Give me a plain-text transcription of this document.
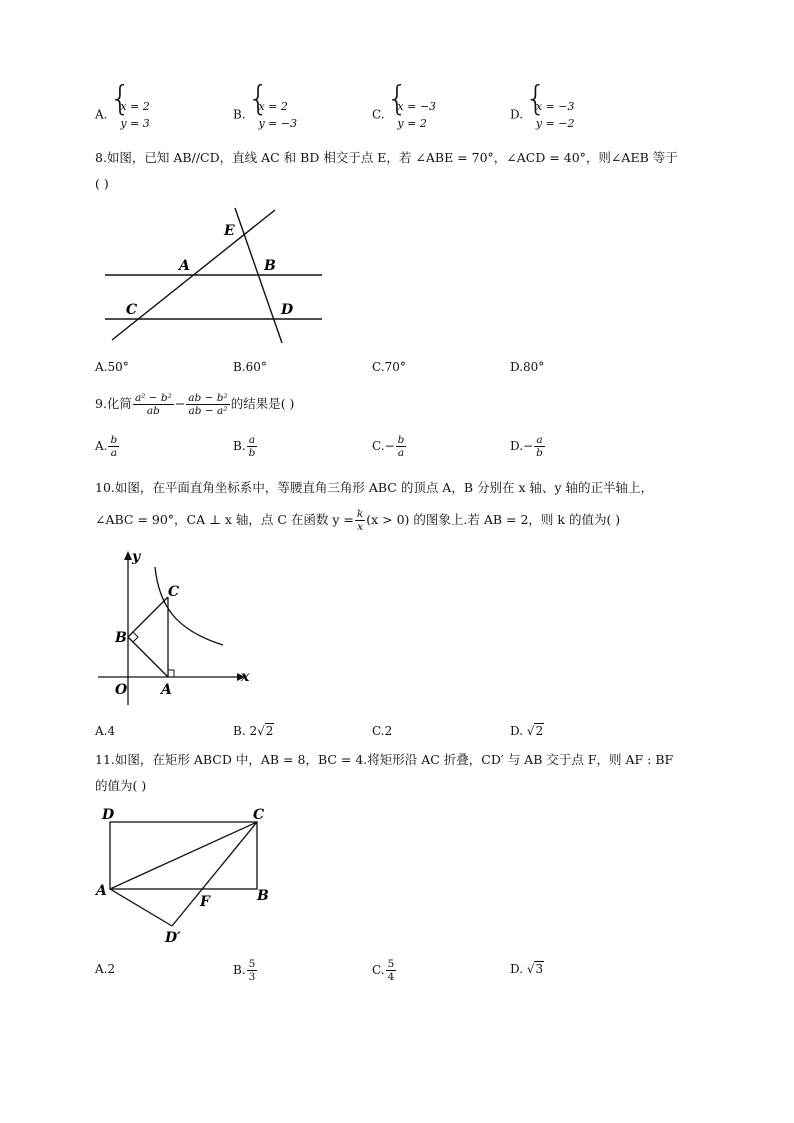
A.
{ x = 2
y = 3
B.
{ x = 2
y = −3
C.
{ x = −3
y = 2
D.
{ x = −3
y = −2
8.如图，已知 AB//CD，直线 AC 和 BD 相交于点 E，若 ∠ABE = 70°，∠ACD = 40°，则∠AEB 等于
( )
E
A	B
C	D
A.50°	B.60°	C.70°	D.80°
9.化简 $\frac{\text{a² − b²}}{ab} - \frac{\text{ab − b²}}{\text{ab − a²}}$ 的结果是( )
A. $\frac{b}{a}$	B. $\frac{a}{b}$	$C.- \frac{b}{a}$	$D.- \frac{a}{b}$
10.如图，在平面直角坐标系中，等腰直角三角形 ABC 的顶点 A，B 分别在 x 轴、y 轴的正半轴上，
∠ABC = 90°，CA ⊥ x 轴，点 C 在函数 $y = \frac{k}{x} (x > 0)$ 的图象上.若 AB = 2，则 k 的值为( )
y
x
O A
B
C
A.4	B. 2√2	C.2	D. √2
11.如图，在矩形 ABCD 中，AB = 8，BC = 4.将矩形沿 AC 折叠，CD′ 与 AB 交于点 F，则 AF : BF
的值为( )
D	C
A	B
F
D′
A.2	B. $\frac{5}{3}$	C. $\frac{5}{4}$	D. √3
